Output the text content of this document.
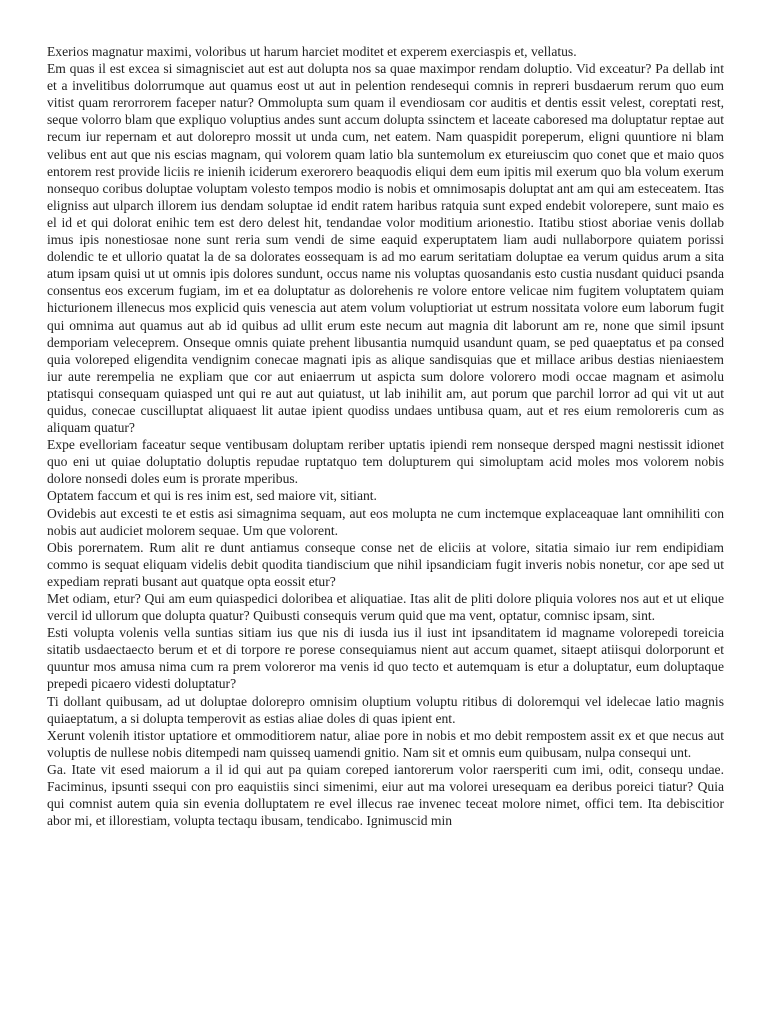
Exerios magnatur maximi, voloribus ut harum harciet moditet et experem exerciaspis et, vellatus.

Em quas il est excea si simagnisciet aut est aut dolupta nos sa quae maximpor rendam doluptio. Vid exceatur? Pa dellab int et a invelitibus dolorrumque aut quamus eost ut aut in pelention rendesequi comnis in repreri busdaerum rerum quo eum vitist quam rerorrorem faceper natur? Ommolupta sum quam il evendiosam cor auditis et dentis essit velest, coreptati rest, seque volorro blam que expliquo voluptius andes sunt accum dolupta ssinctem et laceate caboresed ma doluptatur reptae aut recum iur repernam et aut dolorepro mossit ut unda cum, net eatem. Nam quaspidit poreperum, eligni quuntiore ni blam velibus ent aut que nis escias magnam, qui volorem quam latio bla suntemolum ex etureiuscim quo conet que et maio quos entorem rest provide liciis re inienih iciderum exerorero beaquodis eliqui dem eum ipitis mil exerum quo bla volum exerum nonsequo coribus doluptae voluptam volesto tempos modio is nobis et omnimosapis doluptat ant am qui am esteceatem. Itas eligniss aut ulparch illorem ius dendam soluptae id endit ratem haribus ratquia sunt exped endebit volorepere, sunt maio es el id et qui dolorat enihic tem est dero delest hit, tendandae volor moditium arionestio. Itatibu stiost aboriae venis dollab imus ipis nonestiosae none sunt reria sum vendi de sime eaquid experuptatem liam audi nullaborpore quiatem porissi dolendic te et ullorio quatat la de sa dolorates eossequam is ad mo earum seritatiam doluptae ea verum quidus arum a sita atum ipsam quisi ut ut omnis ipis dolores sundunt, occus name nis voluptas quosandanis esto custia nusdant quiduci psanda consentus eos excerum fugiam, im et ea doluptatur as dolorehenis re volore entore velicae nim fugitem voluptatem quiam hicturionem illenecus mos explicid quis venescia aut atem volum voluptioriat ut estrum nossitata volore eum laborum fugit qui omnima aut quamus aut ab id quibus ad ullit erum este necum aut magnia dit laborunt am re, none que simil ipsunt demporiam veleceprem. Onseque omnis quiate prehent libusantia numquid usandunt quam, se ped quaeptatus et pa consed quia voloreped eligendita vendignim conecae magnati ipis as alique sandisquias que et millace aribus destias nieniaestem iur aute rerempelia ne expliam que cor aut eniaerrum ut aspicta sum dolore volorero modi occae magnam et asimolu ptatisqui consequam quiasped unt qui re aut aut quiatust, ut lab inihilit am, aut porum que parchil lorror ad qui vit ut aut quidus, conecae cuscilluptat aliquaest lit autae ipient quodiss undaes untibusa quam, aut et res eium remoloreris cum as aliquam quatur?

Expe evelloriam faceatur seque ventibusam doluptam reriber uptatis ipiendi rem nonseque dersped magni nestissit idionet quo eni ut quiae doluptatio doluptis repudae ruptatquo tem dolupturem qui simoluptam acid moles mos volorem nobis dolore nonsedi doles eum is prorate mperibus.

Optatem faccum et qui is res inim est, sed maiore vit, sitiant.

Ovidebis aut excesti te et estis asi simagnima sequam, aut eos molupta ne cum inctemque explaceaquae lant omnihiliti con nobis aut audiciet molorem sequae. Um que volorent.

Obis porernatem. Rum alit re dunt antiamus conseque conse net de eliciis at volore, sitatia simaio iur rem endipidiam commo is sequat eliquam videlis debit quodita tiandiscium que nihil ipsandiciam fugit inveris nobis nonetur, cor ape sed ut expediam reprati busant aut quatque opta eossit etur?

Met odiam, etur? Qui am eum quiaspedici doloribea et aliquatiae. Itas alit de pliti dolore pliquia volores nos aut et ut elique vercil id ullorum que dolupta quatur? Quibusti consequis verum quid que ma vent, optatur, comnisc ipsam, sint.

Esti volupta volenis vella suntias sitiam ius que nis di iusda ius il iust int ipsanditatem id magname volorepedi toreicia sitatib usdaectaecto berum et et di torpore re porese consequiamus nient aut accum quamet, sitaept atiisqui dolorporunt et quuntur mos amusa nima cum ra prem voloreror ma venis id quo tecto et autemquam is etur a doluptatur, eum doluptaque prepedi picaero videsti doluptatur?

Ti dollant quibusam, ad ut doluptae dolorepro omnisim oluptium voluptu ritibus di doloremqui vel idelecae latio magnis quiaeptatum, a si dolupta temperovit as estias aliae doles di quas ipient ent.

Xerunt volenih itistor uptatiore et ommoditiorem natur, aliae pore in nobis et mo debit rempostem assit ex et que necus aut voluptis de nullese nobis ditempedi nam quisseq uamendi gnitio. Nam sit et omnis eum quibusam, nulpa consequi unt.

Ga. Itate vit esed maiorum a il id qui aut pa quiam coreped iantorerum volor raersperiti cum imi, odit, consequ undae. Faciminus, ipsunti ssequi con pro eaquistiis sinci simenimi, eiur aut ma volorei uresequam ea deribus poreici tiatur? Quia qui comnist autem quia sin evenia dolluptatem re evel illecus rae invenec teceat molore nimet, offici tem. Ita debiscitior abor mi, et illorestiam, volupta tectaqu ibusam, tendicabo. Ignimuscid min
